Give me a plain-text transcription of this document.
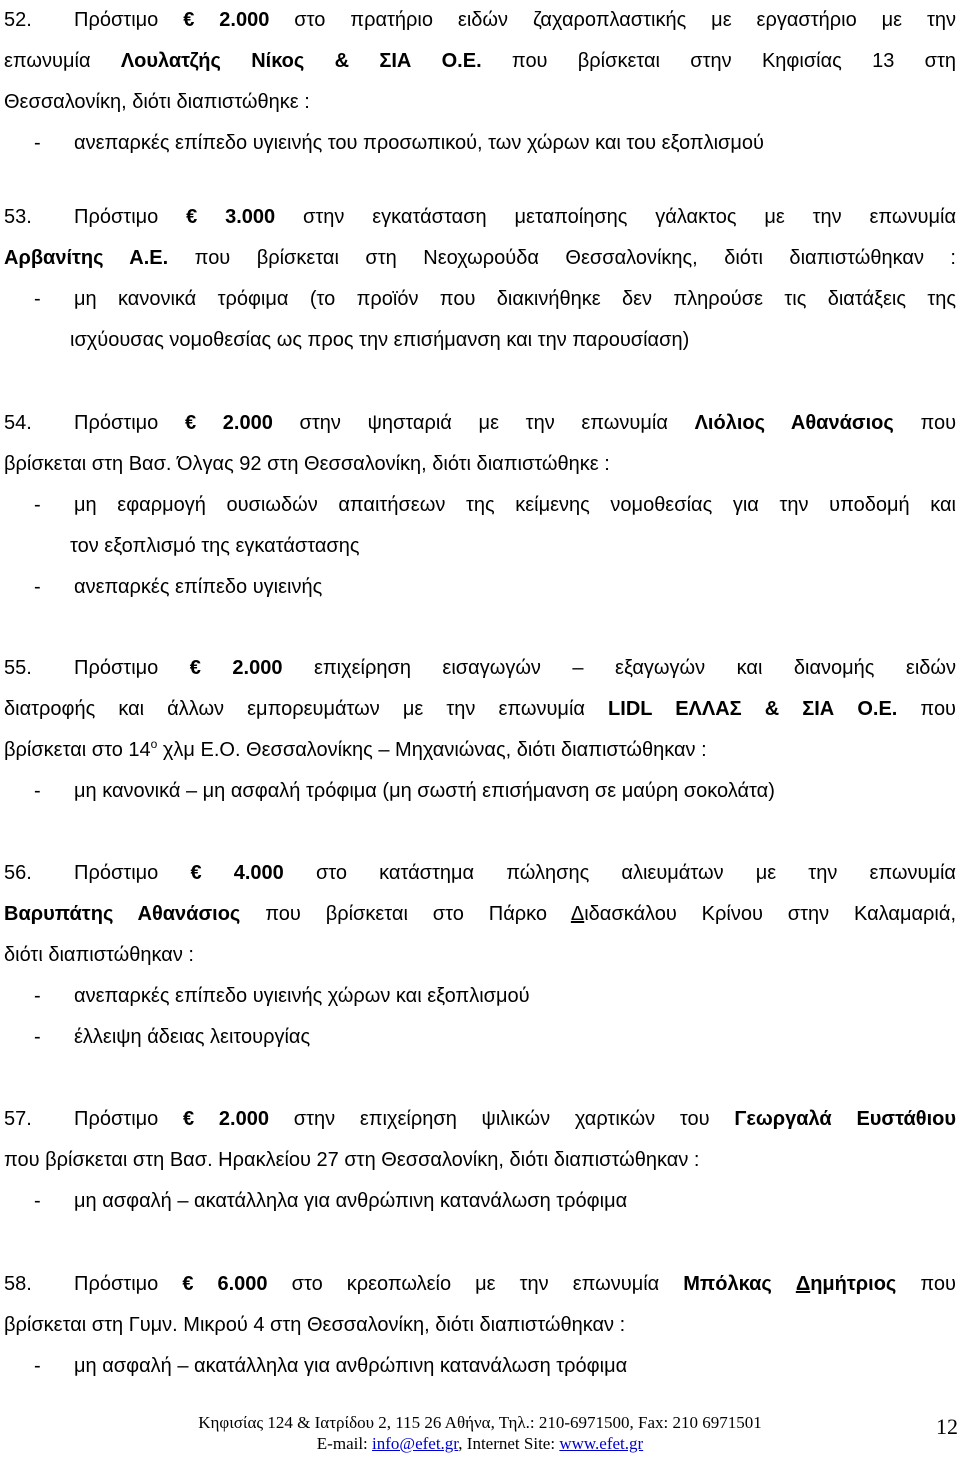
52. Πρόστιμο € 2.000 στο πρατήριο ειδών ζαχαροπλαστικής με εργαστήριο με την
επωνυμία Λουλατζής Νίκος & ΣΙΑ Ο.Ε. που βρίσκεται στην Κηφισίας 13 στη
Θεσσαλονίκη, διότι διαπιστώθηκε :
- ανεπαρκές επίπεδο υγιεινής του προσωπικού, των χώρων και του εξοπλισμού
53. Πρόστιμο € 3.000 στην εγκατάσταση μεταποίησης γάλακτος με την επωνυμία
Αρβανίτης Α.Ε. που βρίσκεται στη Νεοχωρούδα Θεσσαλονίκης, διότι διαπιστώθηκαν :
- μη κανονικά τρόφιμα (το προϊόν που διακινήθηκε δεν πληρούσε τις διατάξεις της
ισχύουσας νομοθεσίας ως προς την επισήμανση και την παρουσίαση)
54. Πρόστιμο € 2.000 στην ψησταριά με την επωνυμία Λιόλιος Αθανάσιος που
βρίσκεται στη Βασ. Όλγας 92 στη Θεσσαλονίκη, διότι διαπιστώθηκε :
- μη εφαρμογή ουσιωδών απαιτήσεων της κείμενης νομοθεσίας για την υποδομή και
τον εξοπλισμό της εγκατάστασης
- ανεπαρκές επίπεδο υγιεινής
55. Πρόστιμο € 2.000 επιχείρηση εισαγωγών – εξαγωγών και διανομής ειδών
διατροφής και άλλων εμπορευμάτων με την επωνυμία LIDL ΕΛΛΑΣ & ΣΙΑ Ο.Ε. που
βρίσκεται στο $14^o$ χλμ Ε.Ο. Θεσσαλονίκης – Μηχανιώνας, διότι διαπιστώθηκαν :
- μη κανονικά – μη ασφαλή τρόφιμα (μη σωστή επισήμανση σε μαύρη σοκολάτα)
56. Πρόστιμο € 4.000 στο κατάστημα πώλησης αλιευμάτων με την επωνυμία
Βαρυπάτης Αθανάσιος που βρίσκεται στο Πάρκο Διδασκάλου Κρίνου στην Καλαμαριά,
διότι διαπιστώθηκαν :
- ανεπαρκές επίπεδο υγιεινής χώρων και εξοπλισμού
- έλλειψη άδειας λειτουργίας
57. Πρόστιμο € 2.000 στην επιχείρηση ψιλικών χαρτικών του Γεωργαλά Ευστάθιου
που βρίσκεται στη Βασ. Ηρακλείου 27 στη Θεσσαλονίκη, διότι διαπιστώθηκαν :
- μη ασφαλή – ακατάλληλα για ανθρώπινη κατανάλωση τρόφιμα
58. Πρόστιμο € 6.000 στο κρεοπωλείο με την επωνυμία Μπόλκας Δημήτριος που
βρίσκεται στη Γυμν. Μικρού 4 στη Θεσσαλονίκη, διότι διαπιστώθηκαν :
- μη ασφαλή – ακατάλληλα για ανθρώπινη κατανάλωση τρόφιμα
Κηφισίας 124 & Ιατρίδου 2, 115 26 Αθήνα, Τηλ.: 210-6971500, Fax: 210 6971501
E-mail: info@efet.gr, Internet Site: www.efet.gr
12
